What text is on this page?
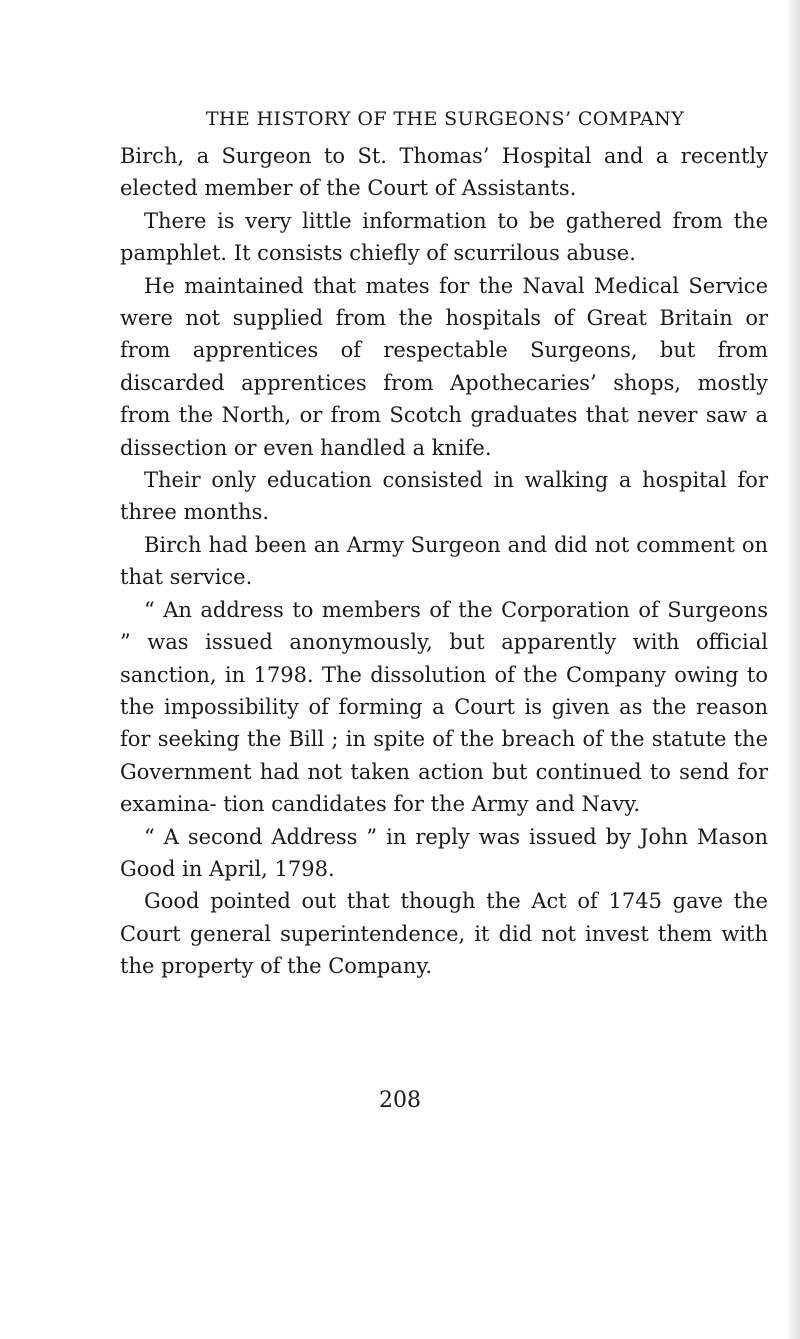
THE HISTORY OF THE SURGEONS’ COMPANY

Birch, a Surgeon to St. Thomas’ Hospital and a recently elected member of the Court of Assistants.

There is very little information to be gathered from the pamphlet. It consists chiefly of scurrilous abuse.

He maintained that mates for the Naval Medical Service were not supplied from the hospitals of Great Britain or from apprentices of respectable Surgeons, but from discarded apprentices from Apothecaries’ shops, mostly from the North, or from Scotch graduates that never saw a dissection or even handled a knife.

Their only education consisted in walking a hospital for three months.

Birch had been an Army Surgeon and did not comment on that service.

“ An address to members of the Corporation of Surgeons ” was issued anonymously, but apparently with official sanction, in 1798. The dissolution of the Company owing to the impossibility of forming a Court is given as the reason for seeking the Bill ; in spite of the breach of the statute the Government had not taken action but continued to send for examina- tion candidates for the Army and Navy.

“ A second Address ” in reply was issued by John Mason Good in April, 1798.

Good pointed out that though the Act of 1745 gave the Court general superintendence, it did not invest them with the property of the Company.

208
